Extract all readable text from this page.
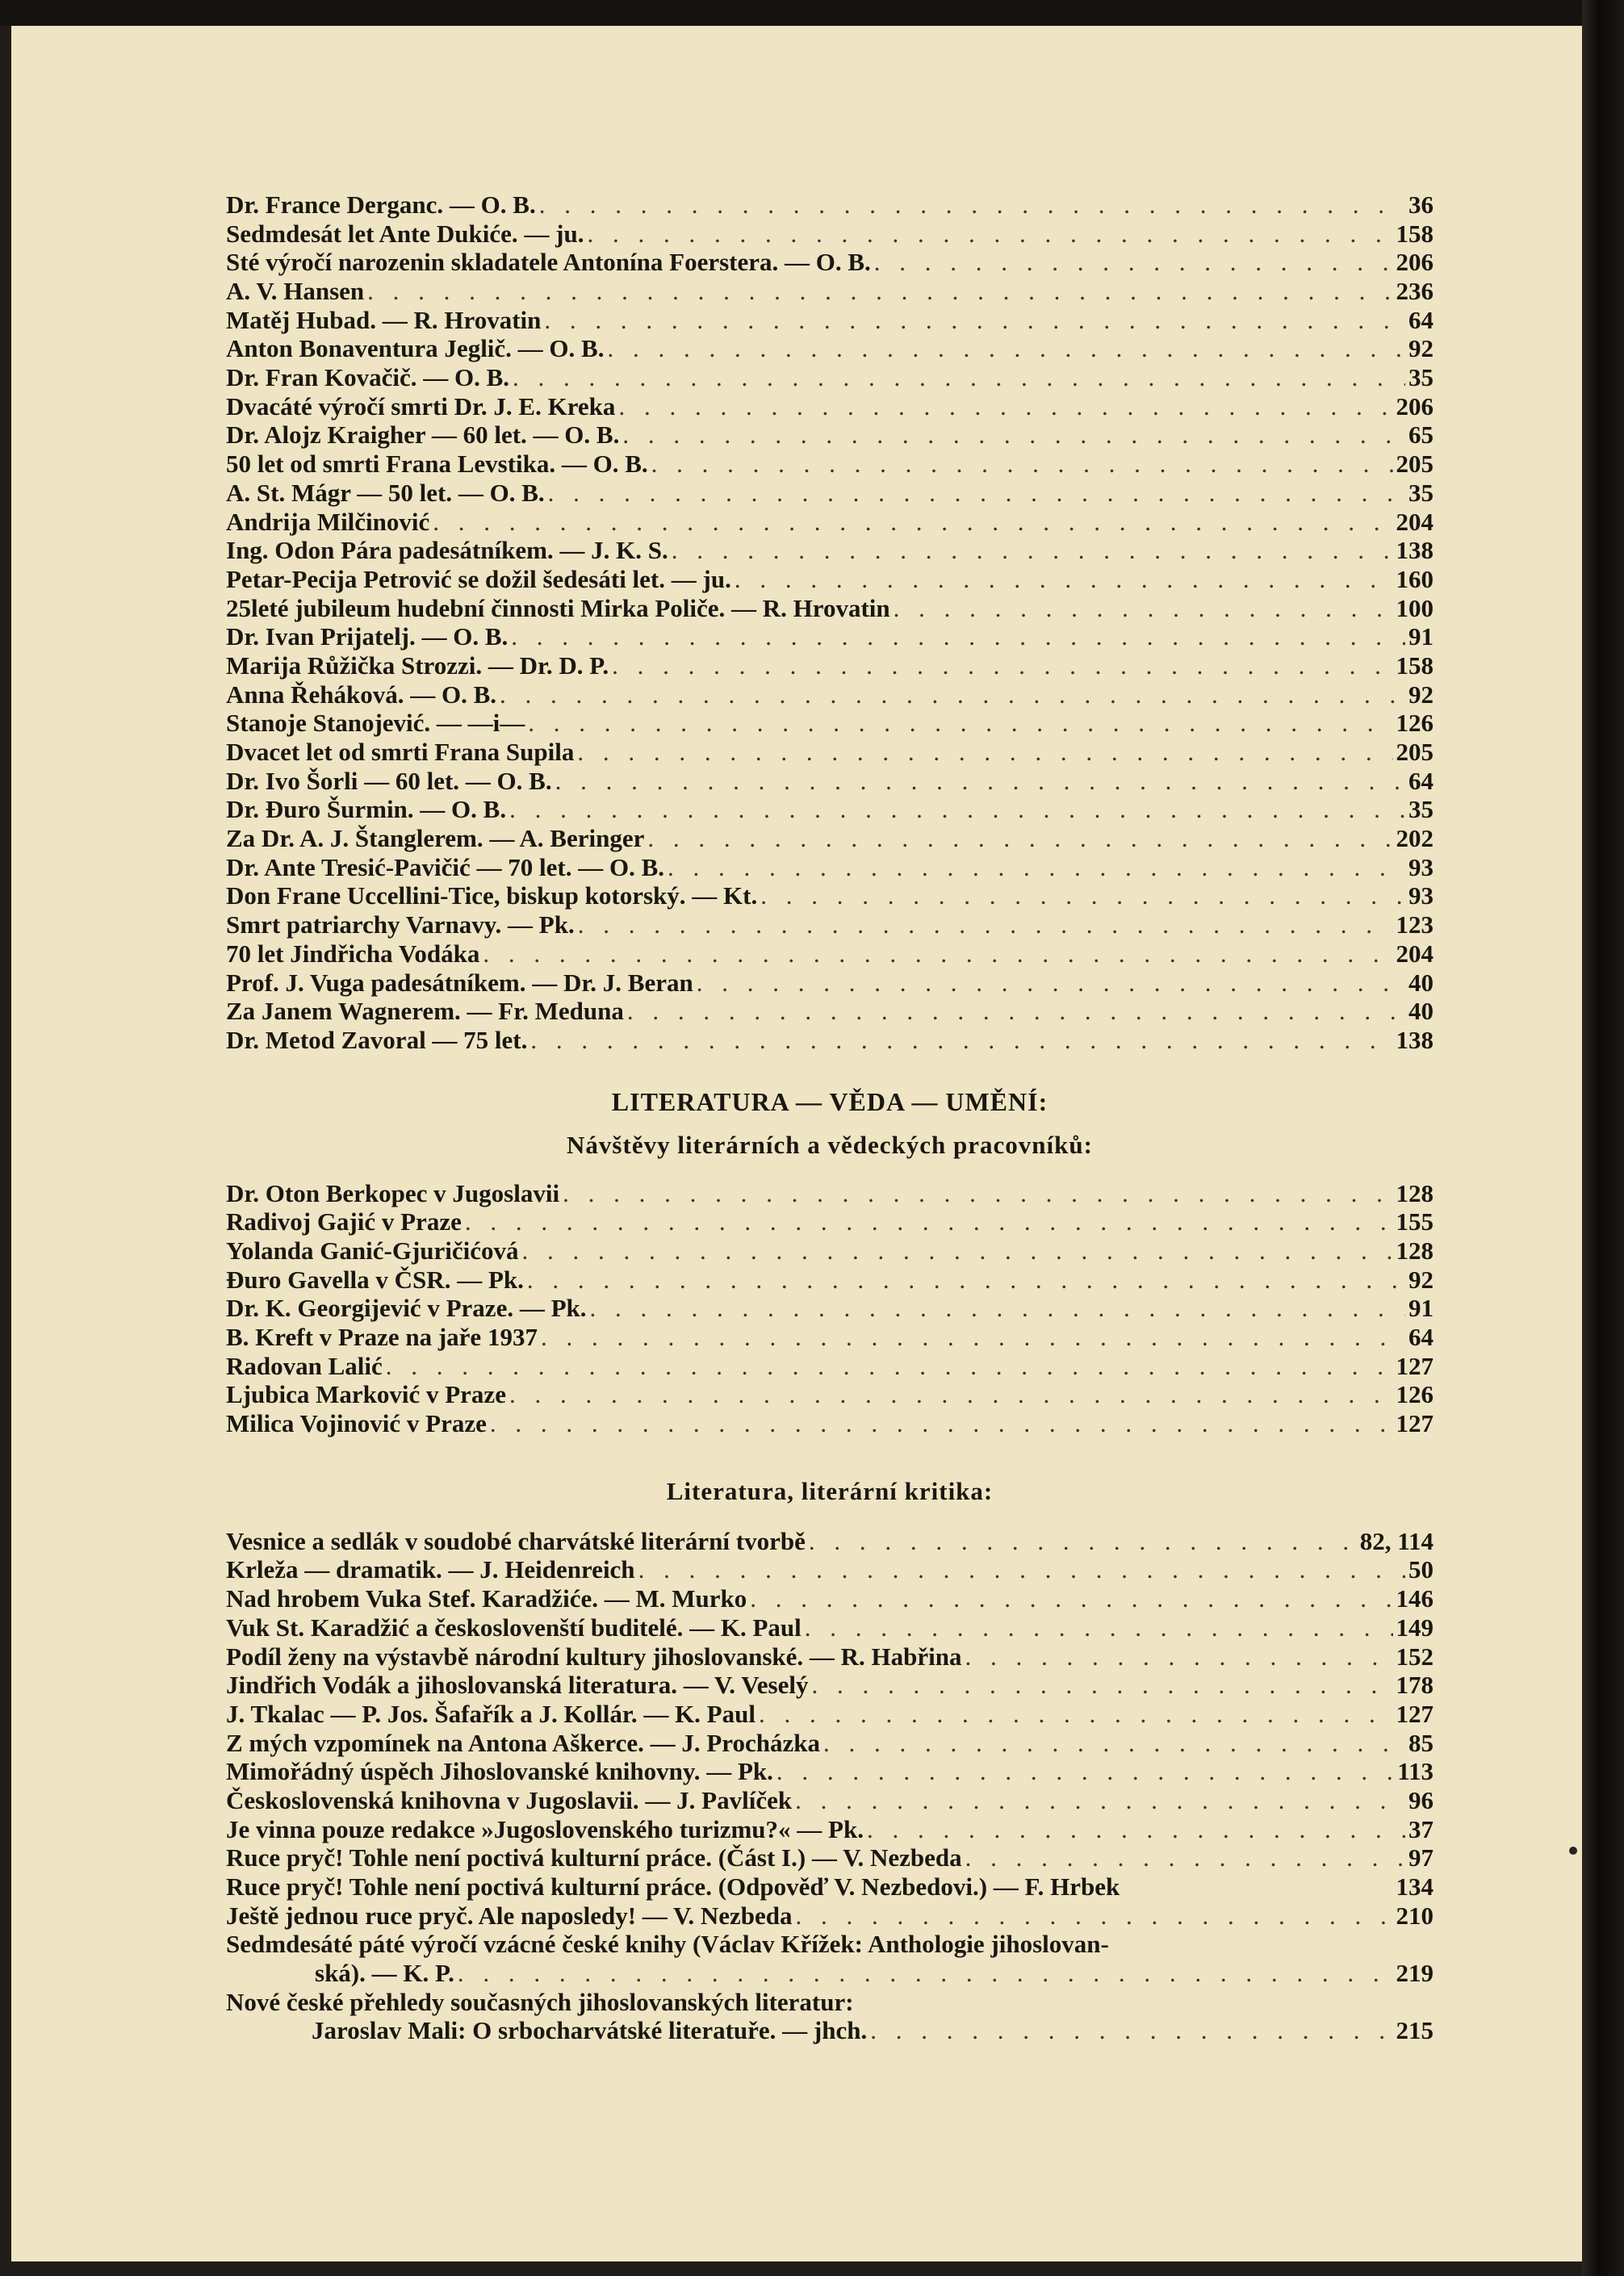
Dr. France Derganc. — O. B. . . .	36
Sedmdesát let Ante Dukiće. — ju. . . .	158
Sté výročí narozenin skladatele Antonína Foerstera. — O. B. . . .	206
A. V. Hansen . . .	236
Matěj Hubad. — R. Hrovatin . . .	64
Anton Bonaventura Jeglič. — O. B. . . .	92
Dr. Fran Kovačič. — O. B. . . .	35
Dvacáté výročí smrti Dr. J. E. Kreka . . .	206
Dr. Alojz Kraigher — 60 let. — O. B. . . .	65
50 let od smrti Frana Levstika. — O. B. . . .	205
A. St. Mágr — 50 let. — O. B. . . .	35
Andrija Milčinović . . .	204
Ing. Odon Pára padesátníkem. — J. K. S. . . .	138
Petar-Pecija Petrović se dožil šedesáti let. — ju. . . .	160
25leté jubileum hudební činnosti Mirka Poliče. — R. Hrovatin . . .	100
Dr. Ivan Prijatelj. — O. B. . . .	91
Marija Růžička Strozzi. — Dr. D. P. . . .	158
Anna Řeháková. — O. B. . . .	92
Stanoje Stanojević. — —i— . . .	126
Dvacet let od smrti Frana Supila . . .	205
Dr. Ivo Šorli — 60 let. — O. B. . . .	64
Dr. Đuro Šurmin. — O. B. . . .	35
Za Dr. A. J. Štanglerem. — A. Beringer . . .	202
Dr. Ante Tresić-Pavičić — 70 let. — O. B. . . .	93
Don Frane Uccellini-Tice, biskup kotorský. — Kt. . . .	93
Smrt patriarchy Varnavy. — Pk. . . .	123
70 let Jindřicha Vodáka . . .	204
Prof. J. Vuga padesátníkem. — Dr. J. Beran . . .	40
Za Janem Wagnerem. — Fr. Meduna . . .	40
Dr. Metod Zavoral — 75 let. . . .	138
LITERATURA — VĚDA — UMĚNÍ:
Návštěvy literárních a vědeckých pracovníků:
Dr. Oton Berkopec v Jugoslavii . . .	128
Radivoj Gajić v Praze . . .	155
Yolanda Ganić-Gjuričićová . . .	128
Đuro Gavella v ČSR. — Pk. . . .	92
Dr. K. Georgijević v Praze. — Pk. . . .	91
B. Kreft v Praze na jaře 1937 . . .	64
Radovan Lalić . . .	127
Ljubica Marković v Praze . . .	126
Milica Vojinović v Praze . . .	127
Literatura, literární kritika:
Vesnice a sedlák v soudobé charvátské literární tvorbě . . .	82, 114
Krleža — dramatik. — J. Heidenreich . . .	50
Nad hrobem Vuka Stef. Karadžiće. — M. Murko . . .	146
Vuk St. Karadžić a českoslovenští buditelé. — K. Paul . . .	149
Podíl ženy na výstavbě národní kultury jihoslovanské. — R. Habřina . . .	152
Jindřich Vodák a jihoslovanská literatura. — V. Veselý . . .	178
J. Tkalac — P. Jos. Šafařík a J. Kollár. — K. Paul . . .	127
Z mých vzpomínek na Antona Aškerce. — J. Procházka . . .	85
Mimořádný úspěch Jihoslovanské knihovny. — Pk. . . .	113
Československá knihovna v Jugoslavii. — J. Pavlíček . . .	96
Je vinna pouze redakce »Jugoslovenského turizmu?« — Pk. . . .	37
Ruce pryč! Tohle není poctivá kulturní práce. (Část I.) — V. Nezbeda . . .	97
Ruce pryč! Tohle není poctivá kulturní práce. (Odpověď V. Nezbedovi.) — F. Hrbek	134
Ještě jednou ruce pryč. Ale naposledy! — V. Nezbeda . . .	210
Sedmdesáté páté výročí vzácné české knihy (Václav Křížek: Anthologie jihoslovan-
ská). — K. P. . . .	219
Nové české přehledy současných jihoslovanských literatur:
Jaroslav Mali: O srbocharvátské literatuře. — jhch. . . .	215
